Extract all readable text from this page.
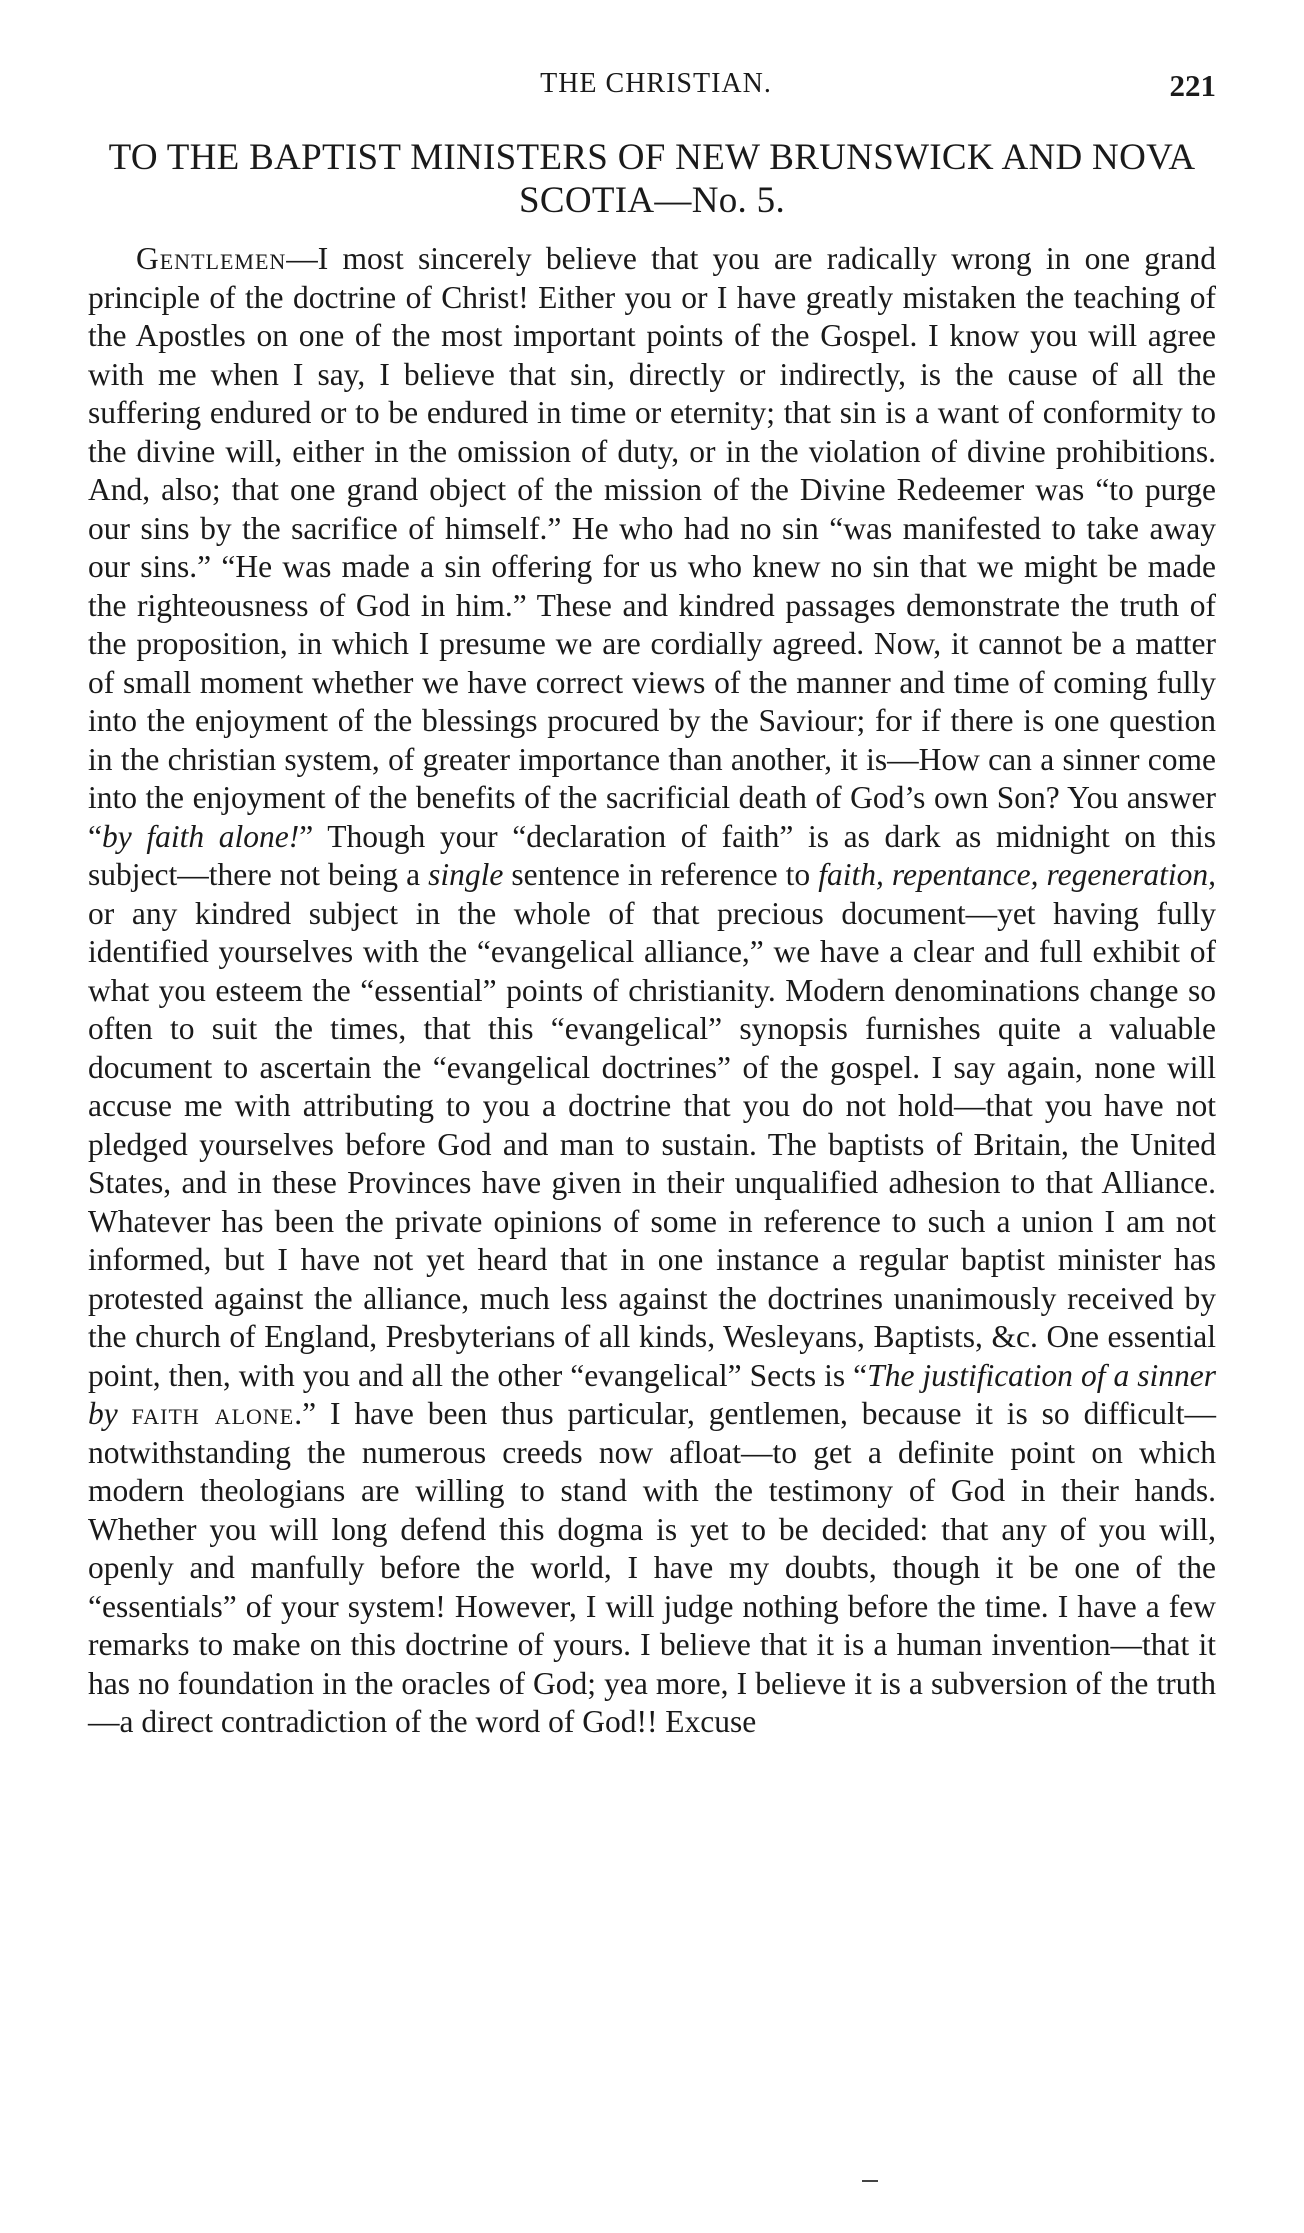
THE CHRISTIAN.	221
TO THE BAPTIST MINISTERS OF NEW BRUNSWICK AND NOVA SCOTIA—No. 5.

Gentlemen—I most sincerely believe that you are radically wrong in one grand principle of the doctrine of Christ! Either you or I have greatly mistaken the teaching of the Apostles on one of the most important points of the Gospel. I know you will agree with me when I say, I believe that sin, directly or indirectly, is the cause of all the suffering endured or to be endured in time or eternity; that sin is a want of conformity to the divine will, either in the omission of duty, or in the violation of divine prohibitions. And, also; that one grand object of the mission of the Divine Redeemer was “to purge our sins by the sacrifice of himself.” He who had no sin “was manifested to take away our sins.” “He was made a sin offering for us who knew no sin that we might be made the righteousness of God in him.” These and kindred passages demonstrate the truth of the proposition, in which I presume we are cordially agreed. Now, it cannot be a matter of small moment whether we have correct views of the manner and time of coming fully into the enjoyment of the blessings procured by the Saviour; for if there is one question in the christian system, of greater importance than another, it is—How can a sinner come into the enjoyment of the benefits of the sacrificial death of God’s own Son? You answer “by faith alone!” Though your “declaration of faith” is as dark as midnight on this subject—there not being a single sentence in reference to faith, repentance, regeneration, or any kindred subject in the whole of that precious document—yet having fully identified yourselves with the “evangelical alliance,” we have a clear and full exhibit of what you esteem the “essential” points of christianity. Modern denominations change so often to suit the times, that this “evangelical” synopsis furnishes quite a valuable document to ascertain the “evangelical doctrines” of the gospel. I say again, none will accuse me with attributing to you a doctrine that you do not hold—that you have not pledged yourselves before God and man to sustain. The baptists of Britain, the United States, and in these Provinces have given in their unqualified adhesion to that Alliance. Whatever has been the private opinions of some in reference to such a union I am not informed, but I have not yet heard that in one instance a regular baptist minister has protested against the alliance, much less against the doctrines unanimously received by the church of England, Presbyterians of all kinds, Wesleyans, Baptists, &c. One essential point, then, with you and all the other “evangelical” Sects is “The justification of a sinner by faith alone.” I have been thus particular, gentlemen, because it is so difficult—notwithstanding the numerous creeds now afloat—to get a definite point on which modern theologians are willing to stand with the testimony of God in their hands. Whether you will long defend this dogma is yet to be decided: that any of you will, openly and manfully before the world, I have my doubts, though it be one of the “essentials” of your system! However, I will judge nothing before the time. I have a few remarks to make on this doctrine of yours. I believe that it is a human invention—that it has no foundation in the oracles of God; yea more, I believe it is a subversion of the truth—a direct contradiction of the word of God!! Excuse
